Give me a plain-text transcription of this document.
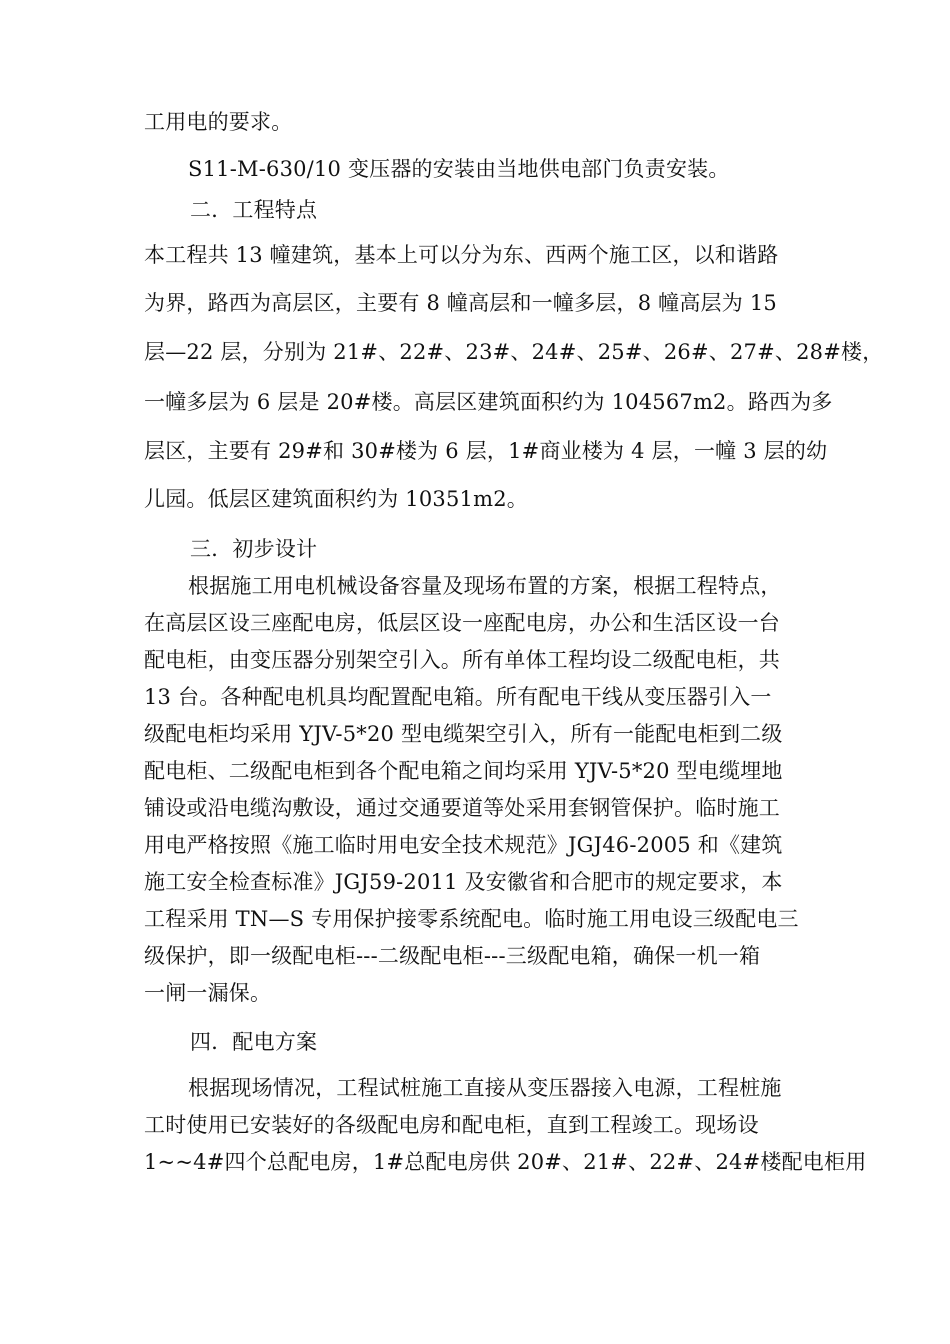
工用电的要求。
S11-M-630/10 变压器的安装由当地供电部门负责安装。
二．工程特点
本工程共 13 幢建筑，基本上可以分为东、西两个施工区，以和谐路
为界，路西为高层区，主要有 8 幢高层和一幢多层，8 幢高层为 15
层—22 层，分别为 21#、22#、23#、24#、25#、26#、27#、28#楼，
一幢多层为 6 层是 20#楼。高层区建筑面积约为 104567m2。路西为多
层区，主要有 29#和 30#楼为 6 层，1#商业楼为 4 层，一幢 3 层的幼
儿园。低层区建筑面积约为 10351m2。
三．初步设计
根据施工用电机械设备容量及现场布置的方案，根据工程特点，
在高层区设三座配电房，低层区设一座配电房，办公和生活区设一台
配电柜，由变压器分别架空引入。所有单体工程均设二级配电柜，共
13 台。各种配电机具均配置配电箱。所有配电干线从变压器引入一
级配电柜均采用 YJV-5*20 型电缆架空引入，所有一能配电柜到二级
配电柜、二级配电柜到各个配电箱之间均采用 YJV-5*20 型电缆埋地
铺设或沿电缆沟敷设，通过交通要道等处采用套钢管保护。临时施工
用电严格按照《施工临时用电安全技术规范》JGJ46-2005 和《建筑
施工安全检查标准》JGJ59-2011 及安徽省和合肥市的规定要求，本
工程采用 TN—S 专用保护接零系统配电。临时施工用电设三级配电三
级保护，即一级配电柜---二级配电柜---三级配电箱，确保一机一箱
一闸一漏保。
四．配电方案
根据现场情况，工程试桩施工直接从变压器接入电源，工程桩施
工时使用已安装好的各级配电房和配电柜，直到工程竣工。现场设
1~~4#四个总配电房，1#总配电房供 20#、21#、22#、24#楼配电柜用
